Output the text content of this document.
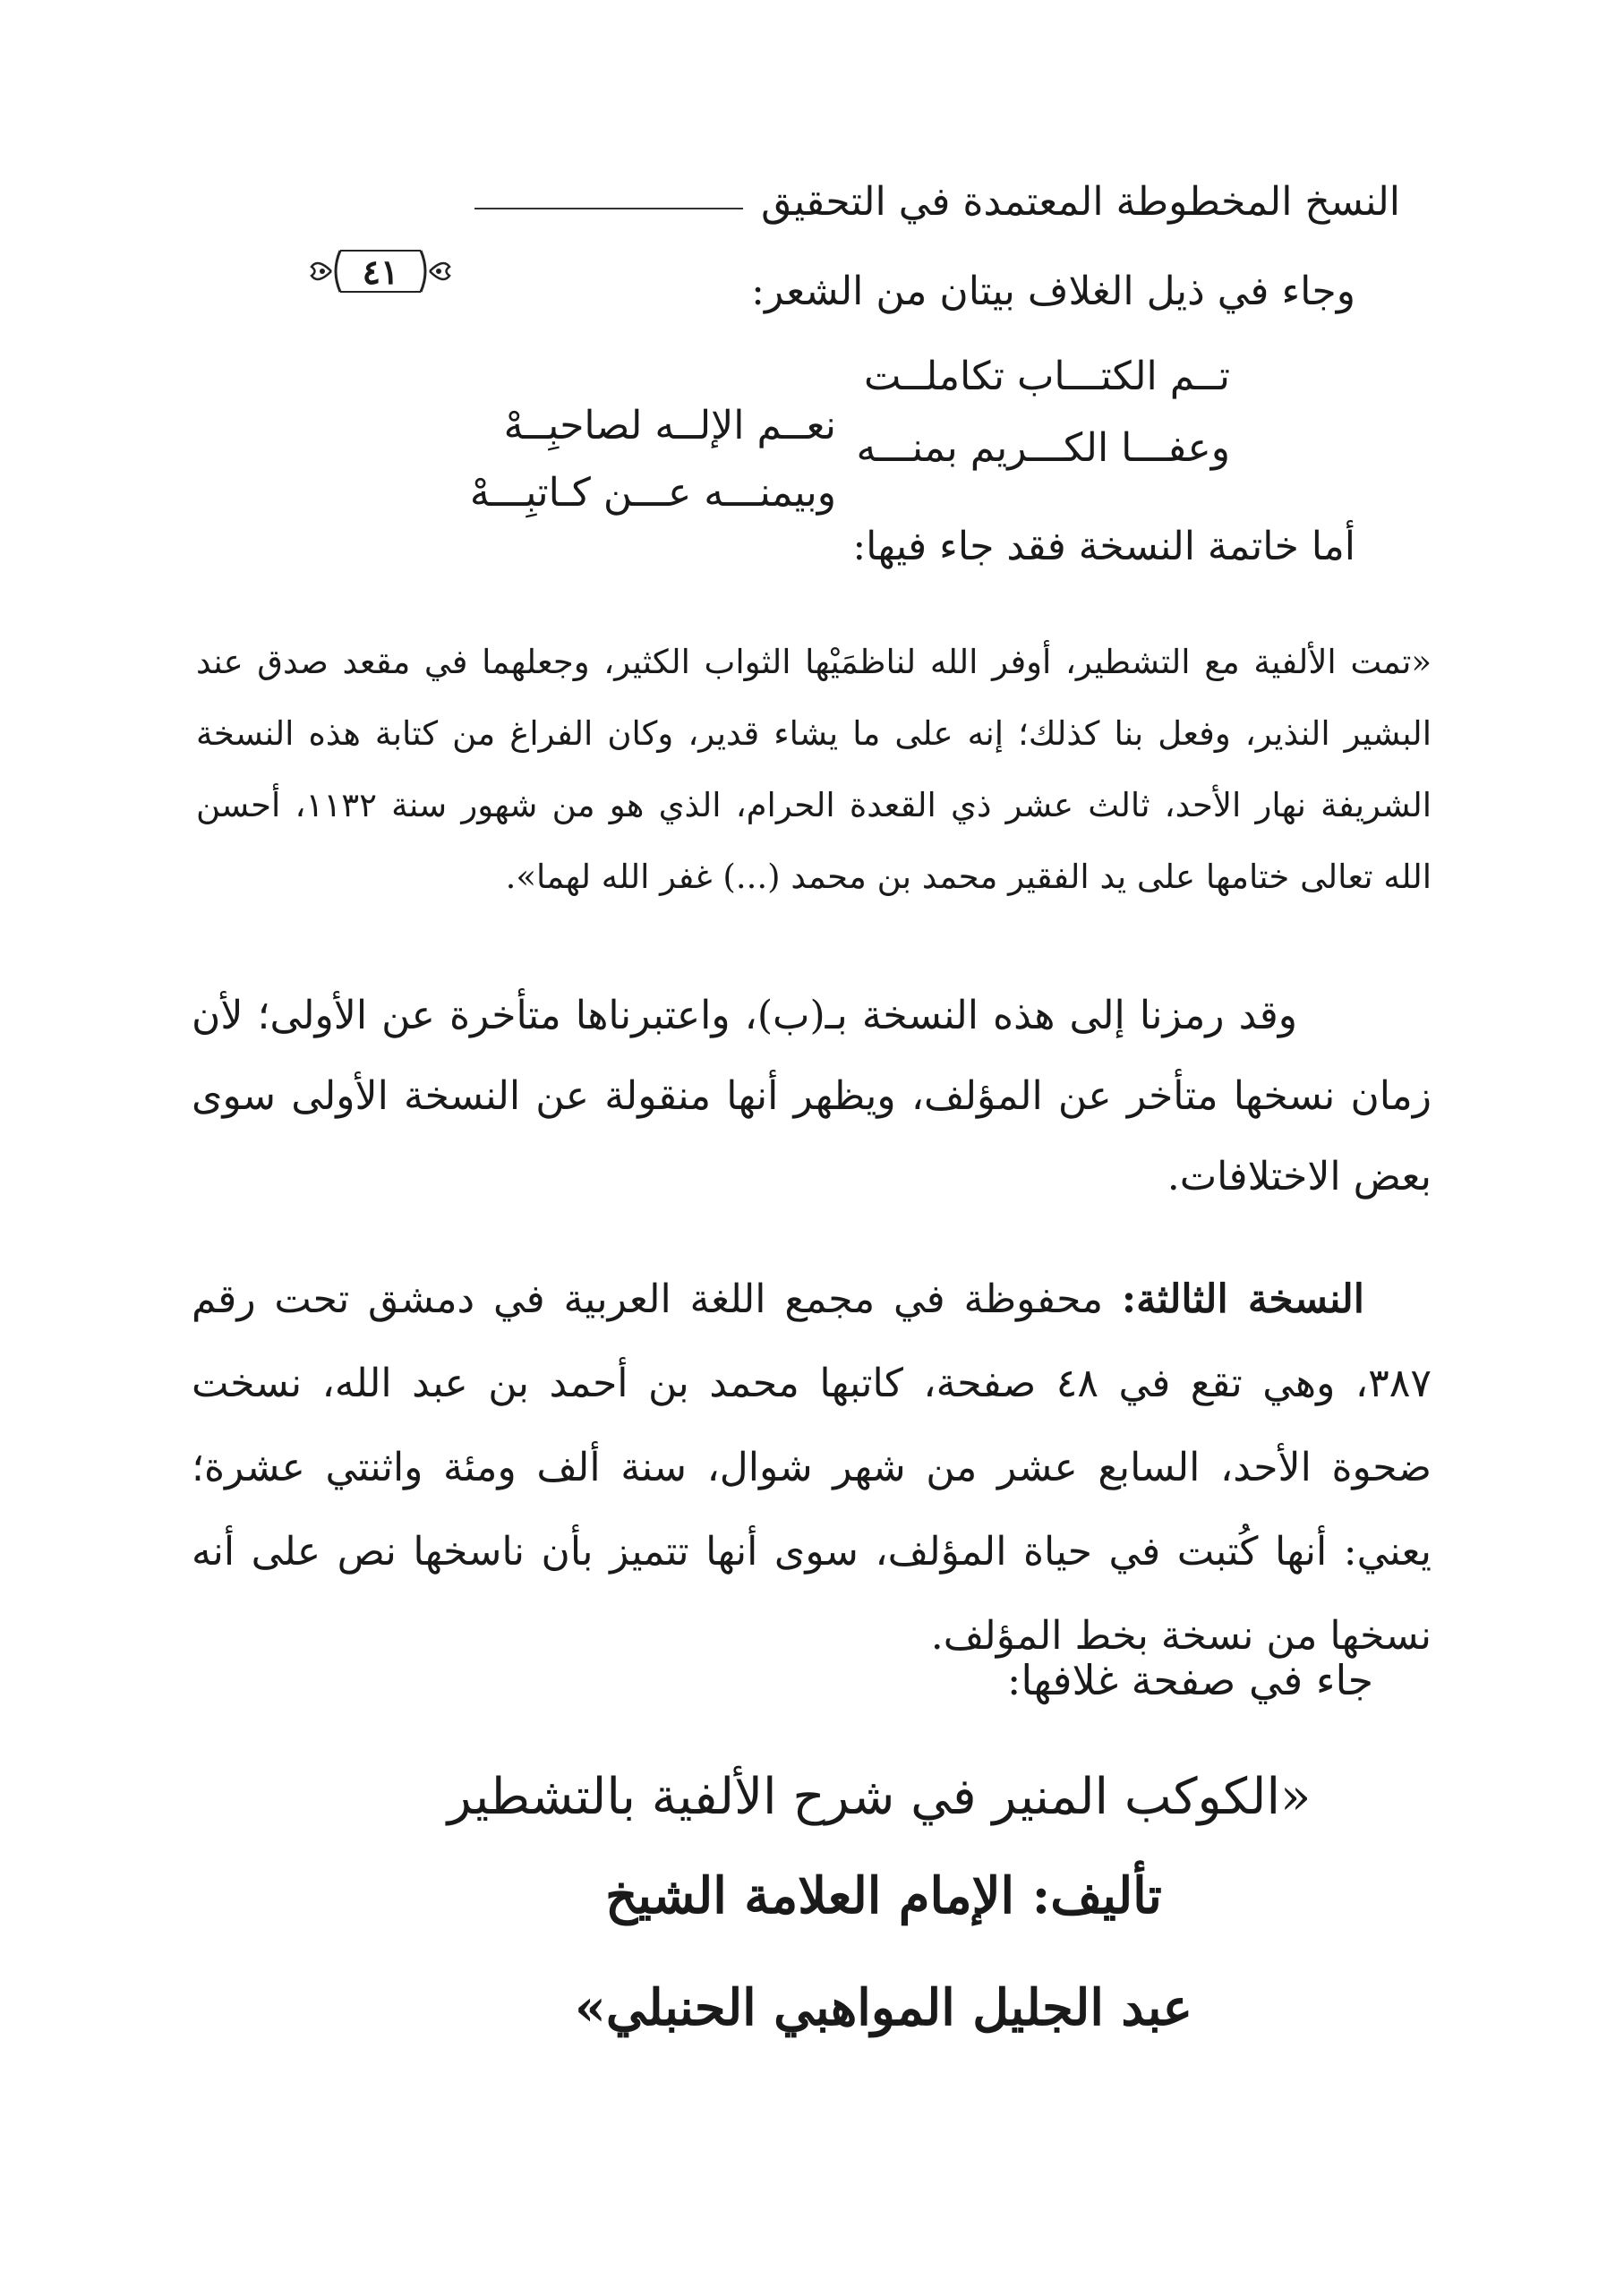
النسخ المخطوطة المعتمدة في التحقيق
٤١	وجاء في ذيل الغلاف بيتان من الشعر:
تــم الكتـــاب تكاملــت
نعــم الإلــه لصاحبِــهْ وعفـــا الكـــريم بمنـــه
وبيمنـــه عـــن كـاتبِـــهْ
أما خاتمة النسخة فقد جاء فيها:
«تمت الألفية مع التشطير، أوفر الله لناظمَيْها الثواب الكثير، وجعلهما في مقعد صدق عند البشير النذير، وفعل بنا كذلك؛ إنه على ما يشاء قدير، وكان الفراغ من كتابة هذه النسخة الشريفة نهار الأحد، ثالث عشر ذي القعدة الحرام، الذي هو من شهور سنة ١١٣٢، أحسن الله تعالى ختامها على يد الفقير محمد بن محمد (...) غفر الله لهما».
وقد رمزنا إلى هذه النسخة بـ(ب)، واعتبرناها متأخرة عن الأولى؛ لأن زمان نسخها متأخر عن المؤلف، ويظهر أنها منقولة عن النسخة الأولى سوى بعض الاختلافات.
النسخة الثالثة: محفوظة في مجمع اللغة العربية في دمشق تحت رقم ٣٨٧، وهي تقع في ٤٨ صفحة، كاتبها محمد بن أحمد بن عبد الله، نسخت ضحوة الأحد، السابع عشر من شهر شوال، سنة ألف ومئة واثنتي عشرة؛ يعني: أنها كُتبت في حياة المؤلف، سوى أنها تتميز بأن ناسخها نص على أنه نسخها من نسخة بخط المؤلف.
جاء في صفحة غلافها:
«الكوكب المنير في شرح الألفية بالتشطير
تأليف: الإمام العلامة الشيخ
عبد الجليل المواهبي الحنبلي»
